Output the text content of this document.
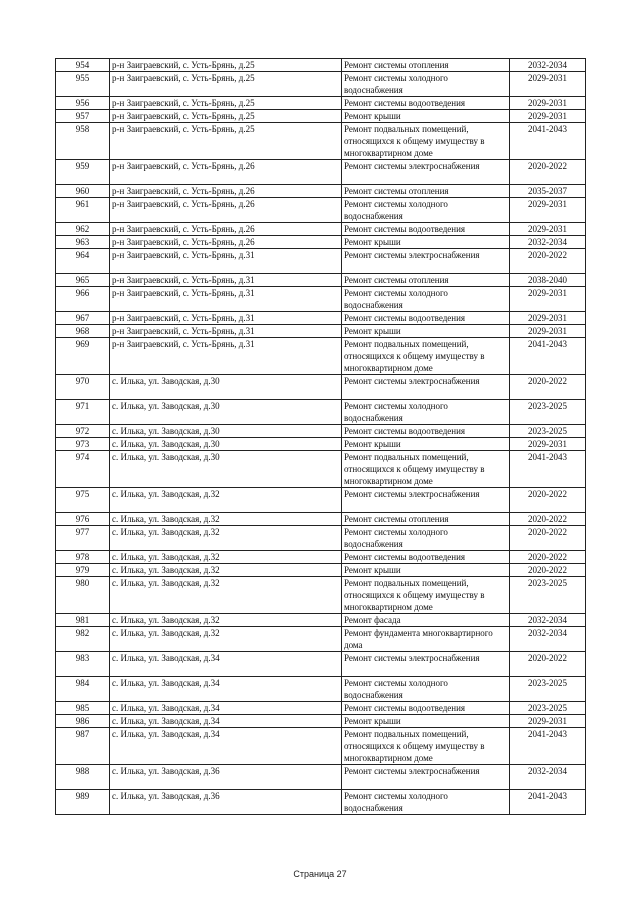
954	р-н Заиграевский, с. Усть-Брянь, д.25	Ремонт системы отопления	2032-2034
955	р-н Заиграевский, с. Усть-Брянь, д.25	Ремонт системы холодного водоснабжения	2029-2031
956	р-н Заиграевский, с. Усть-Брянь, д.25	Ремонт системы водоотведения	2029-2031
957	р-н Заиграевский, с. Усть-Брянь, д.25	Ремонт крыши	2029-2031
958	р-н Заиграевский, с. Усть-Брянь, д.25	Ремонт подвальных помещений, относящихся к общему имуществу в многоквартирном доме	2041-2043
959	р-н Заиграевский, с. Усть-Брянь, д.26	Ремонт системы электроснабжения	2020-2022
960	р-н Заиграевский, с. Усть-Брянь, д.26	Ремонт системы отопления	2035-2037
961	р-н Заиграевский, с. Усть-Брянь, д.26	Ремонт системы холодного водоснабжения	2029-2031
962	р-н Заиграевский, с. Усть-Брянь, д.26	Ремонт системы водоотведения	2029-2031
963	р-н Заиграевский, с. Усть-Брянь, д.26	Ремонт крыши	2032-2034
964	р-н Заиграевский, с. Усть-Брянь, д.31	Ремонт системы электроснабжения	2020-2022
965	р-н Заиграевский, с. Усть-Брянь, д.31	Ремонт системы отопления	2038-2040
966	р-н Заиграевский, с. Усть-Брянь, д.31	Ремонт системы холодного водоснабжения	2029-2031
967	р-н Заиграевский, с. Усть-Брянь, д.31	Ремонт системы водоотведения	2029-2031
968	р-н Заиграевский, с. Усть-Брянь, д.31	Ремонт крыши	2029-2031
969	р-н Заиграевский, с. Усть-Брянь, д.31	Ремонт подвальных помещений, относящихся к общему имуществу в многоквартирном доме	2041-2043
970	с. Илька, ул. Заводская, д.30	Ремонт системы электроснабжения	2020-2022
971	с. Илька, ул. Заводская, д.30	Ремонт системы холодного водоснабжения	2023-2025
972	с. Илька, ул. Заводская, д.30	Ремонт системы водоотведения	2023-2025
973	с. Илька, ул. Заводская, д.30	Ремонт крыши	2029-2031
974	с. Илька, ул. Заводская, д.30	Ремонт подвальных помещений, относящихся к общему имуществу в многоквартирном доме	2041-2043
975	с. Илька, ул. Заводская, д.32	Ремонт системы электроснабжения	2020-2022
976	с. Илька, ул. Заводская, д.32	Ремонт системы отопления	2020-2022
977	с. Илька, ул. Заводская, д.32	Ремонт системы холодного водоснабжения	2020-2022
978	с. Илька, ул. Заводская, д.32	Ремонт системы водоотведения	2020-2022
979	с. Илька, ул. Заводская, д.32	Ремонт крыши	2020-2022
980	с. Илька, ул. Заводская, д.32	Ремонт подвальных помещений, относящихся к общему имуществу в многоквартирном доме	2023-2025
981	с. Илька, ул. Заводская, д.32	Ремонт фасада	2032-2034
982	с. Илька, ул. Заводская, д.32	Ремонт фундамента многоквартирного дома	2032-2034
983	с. Илька, ул. Заводская, д.34	Ремонт системы электроснабжения	2020-2022
984	с. Илька, ул. Заводская, д.34	Ремонт системы холодного водоснабжения	2023-2025
985	с. Илька, ул. Заводская, д.34	Ремонт системы водоотведения	2023-2025
986	с. Илька, ул. Заводская, д.34	Ремонт крыши	2029-2031
987	с. Илька, ул. Заводская, д.34	Ремонт подвальных помещений, относящихся к общему имуществу в многоквартирном доме	2041-2043
988	с. Илька, ул. Заводская, д.36	Ремонт системы электроснабжения	2032-2034
989	с. Илька, ул. Заводская, д.36	Ремонт системы холодного водоснабжения	2041-2043
Страница 27
